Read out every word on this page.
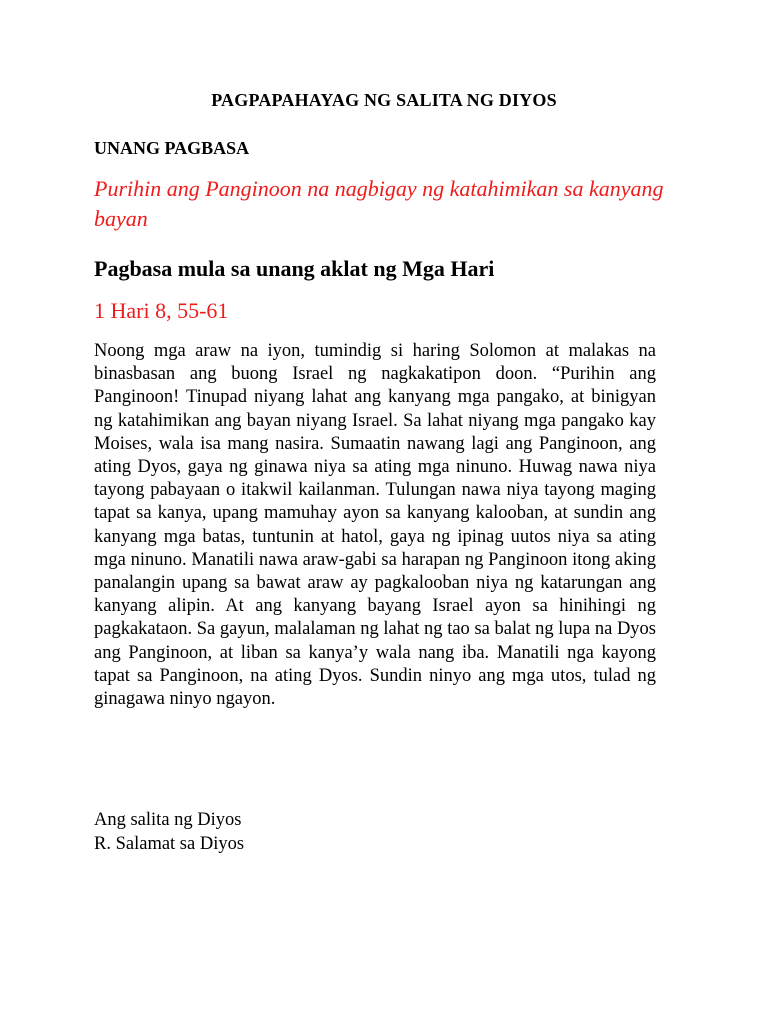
PAGPAPAHAYAG NG SALITA NG DIYOS
UNANG PAGBASA
Purihin ang Panginoon na nagbigay ng katahimikan sa kanyang bayan
Pagbasa mula sa unang aklat ng Mga Hari
1 Hari 8, 55-61

Noong mga araw na iyon, tumindig si haring Solomon at malakas na binasbasan ang buong Israel ng nagkakatipon doon. “Purihin ang Panginoon! Tinupad niyang lahat ang kanyang mga pangako, at binigyan ng katahimikan ang bayan niyang Israel. Sa lahat niyang mga pangako kay Moises, wala isa mang nasira. Sumaatin nawang lagi ang Panginoon, ang ating Dyos, gaya ng ginawa niya sa ating mga ninuno. Huwag nawa niya tayong pabayaan o itakwil kailanman. Tulungan nawa niya tayong maging tapat sa kanya, upang mamuhay ayon sa kanyang kalooban, at sundin ang kanyang mga batas, tuntunin at hatol, gaya ng ipinag uutos niya sa ating mga ninuno. Manatili nawa araw-gabi sa harapan ng Panginoon itong aking panalangin upang sa bawat araw ay pagkalooban niya ng katarungan ang kanyang alipin. At ang kanyang bayang Israel ayon sa hinihingi ng pagkakataon. Sa gayun, malalaman ng lahat ng tao sa balat ng lupa na Dyos ang Panginoon, at liban sa kanya’y wala nang iba. Manatili nga kayong tapat sa Panginoon, na ating Dyos. Sundin ninyo ang mga utos, tulad ng ginagawa ninyo ngayon.

Ang salita ng Diyos
R. Salamat sa Diyos
